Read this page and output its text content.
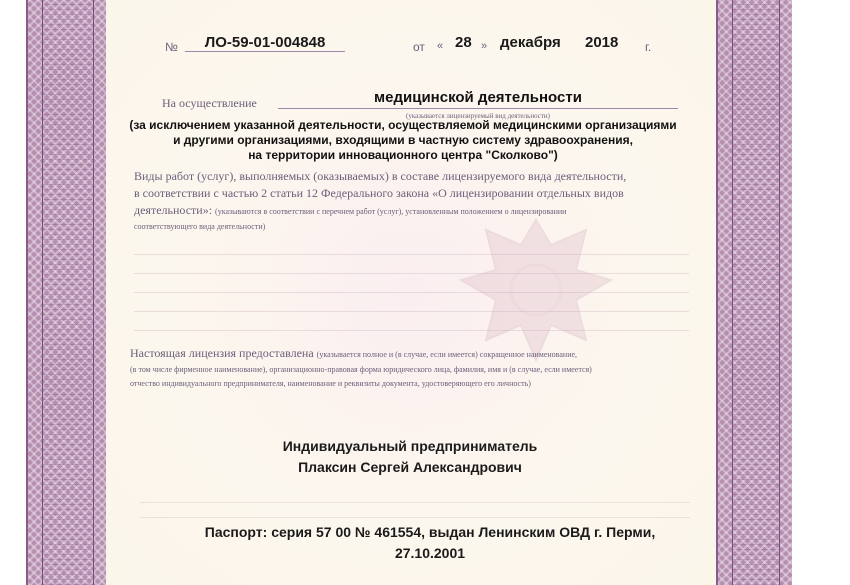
№	ЛО-59-01-004848	от « 28 » декабря 2018 г.
На осуществление	медицинской деятельности
(указывается лицензируемый вид деятельности)
(за исключением указанной деятельности, осуществляемой медицинскими организациями
и другими организациями, входящими в частную систему здравоохранения,
на территории инновационного центра "Сколково")
Виды работ (услуг), выполняемых (оказываемых) в составе лицензируемого вида деятельности,
в соответствии с частью 2 статьи 12 Федерального закона «О лицензировании отдельных видов
деятельности»: (указываются в соответствии с перечнем работ (услуг), установленным положением о лицензировании
соответствующего вида деятельности)
Настоящая лицензия предоставлена (указывается полное и (в случае, если имеется) сокращенное наименование,
(в том числе фирменное наименование), организационно-правовая форма юридического лица, фамилия, имя и (в случае, если имеется)
отчество индивидуального предпринимателя, наименование и реквизиты документа, удостоверяющего его личность)
Индивидуальный предприниматель
Плаксин Сергей Александрович
Паспорт: серия 57 00 № 461554, выдан Ленинским ОВД г. Перми,
27.10.2001
